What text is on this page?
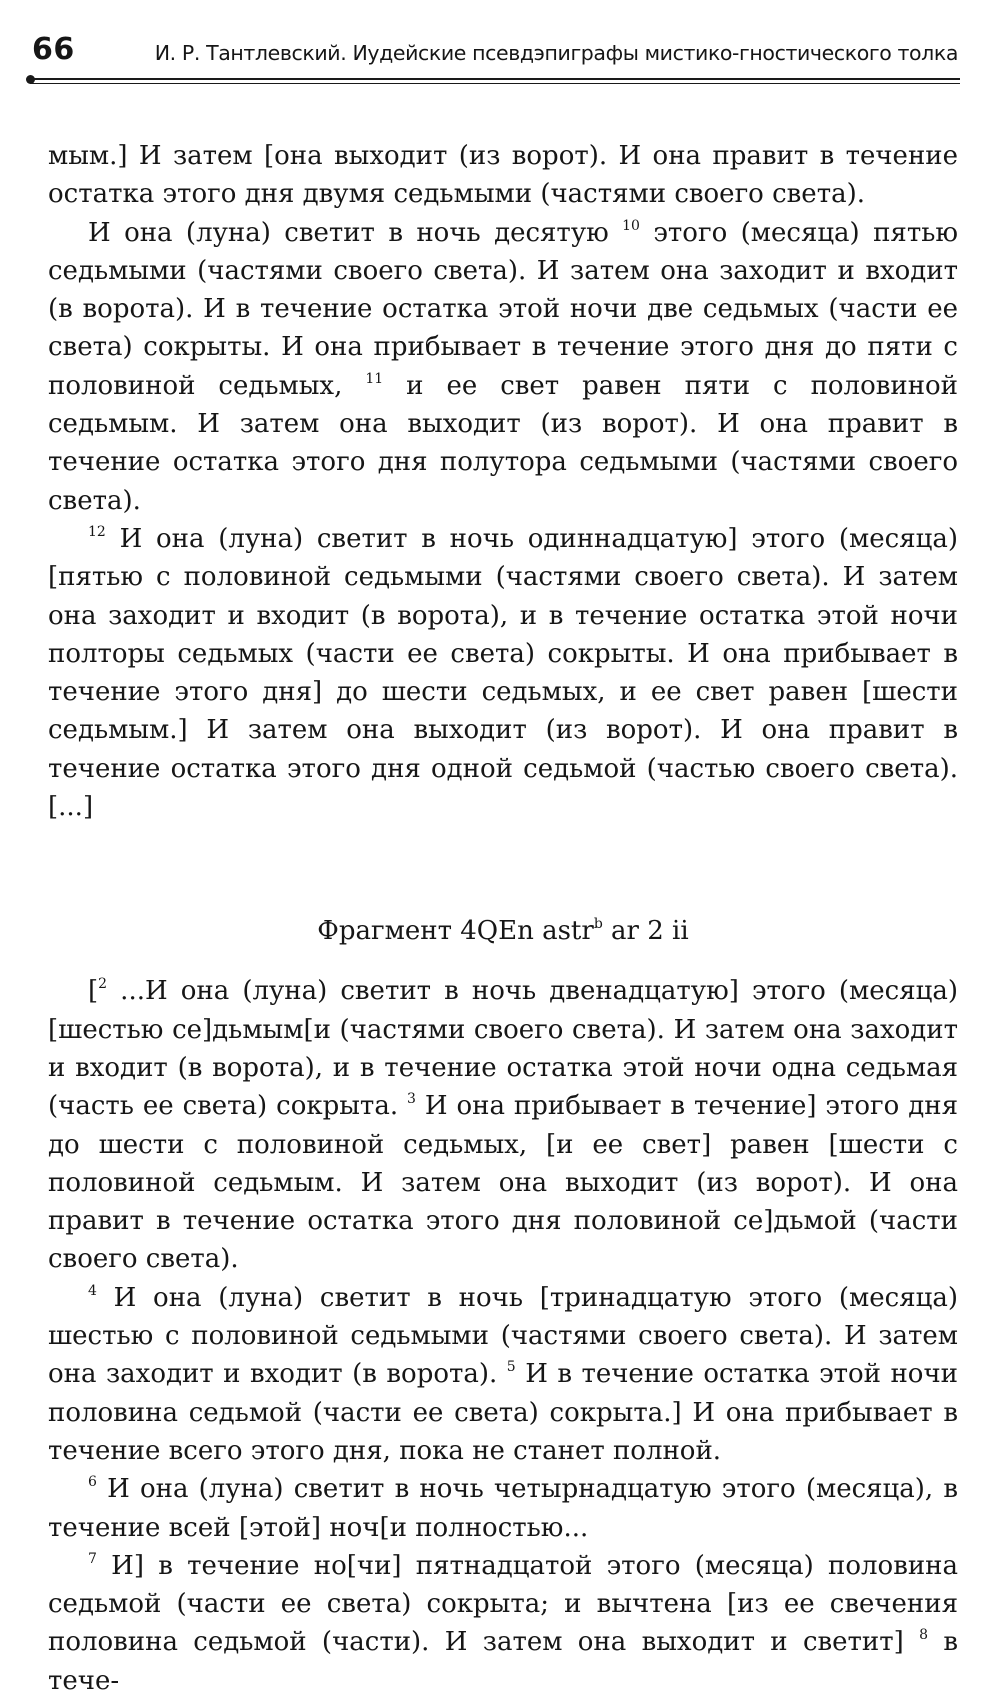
66	И. Р. Тантлевский. Иудейские псевдэпиграфы мистико-гностического толка

мым.] И затем [она выходит (из ворот). И она правит в течение остатка этого дня двумя седьмыми (частями своего света).

И она (луна) светит в ночь десятую $^{10}$ этого (месяца) пятью седьмыми (частями своего света). И затем она заходит и входит (в ворота). И в течение остатка этой ночи две седьмых (части ее света) сокрыты. И она прибывает в течение этого дня до пяти с половиной седьмых, $^{11}$ и ее свет равен пяти с половиной седьмым. И затем она выходит (из ворот). И она правит в течение остатка этого дня полутора седьмыми (частями своего света).

$^{12}$ И она (луна) светит в ночь одиннадцатую] этого (месяца) [пятью с половиной седьмыми (частями своего света). И затем она заходит и входит (в ворота), и в течение остатка этой ночи полторы седьмых (части ее света) сокрыты. И она прибывает в течение этого дня] до шести седьмых, и ее свет равен [шести седьмым.] И затем она выходит (из ворот). И она правит в течение остатка этого дня одной седьмой (частью своего света). [...]

Фрагмент 4QEn astr$^b$ ar 2 ii

[$^2$ ...И она (луна) светит в ночь двенадцатую] этого (месяца) [шестью се]дьмым[и (частями своего света). И затем она заходит и входит (в ворота), и в течение остатка этой ночи одна седьмая (часть ее света) сокрыта. $^3$ И она прибывает в течение] этого дня до шести с половиной седьмых, [и ее свет] равен [шести с половиной седьмым. И затем она выходит (из ворот). И она правит в течение остатка этого дня половиной се]дьмой (части своего света).

$^4$ И она (луна) светит в ночь [тринадцатую этого (месяца) шестью с половиной седьмыми (частями своего света). И затем она заходит и входит (в ворота). $^5$ И в течение остатка этой ночи половина седьмой (части ее света) сокрыта.] И она прибывает в течение всего этого дня, пока не станет полной.

$^6$ И она (луна) светит в ночь четырнадцатую этого (месяца), в течение всей [этой] ноч[и полностью...

$^7$ И] в течение но[чи] пятнадцатой этого (месяца) половина седьмой (части ее света) сокрыта; и вычтена [из ее свечения половина седьмой (части). И затем она выходит и светит] $^8$ в тече-
